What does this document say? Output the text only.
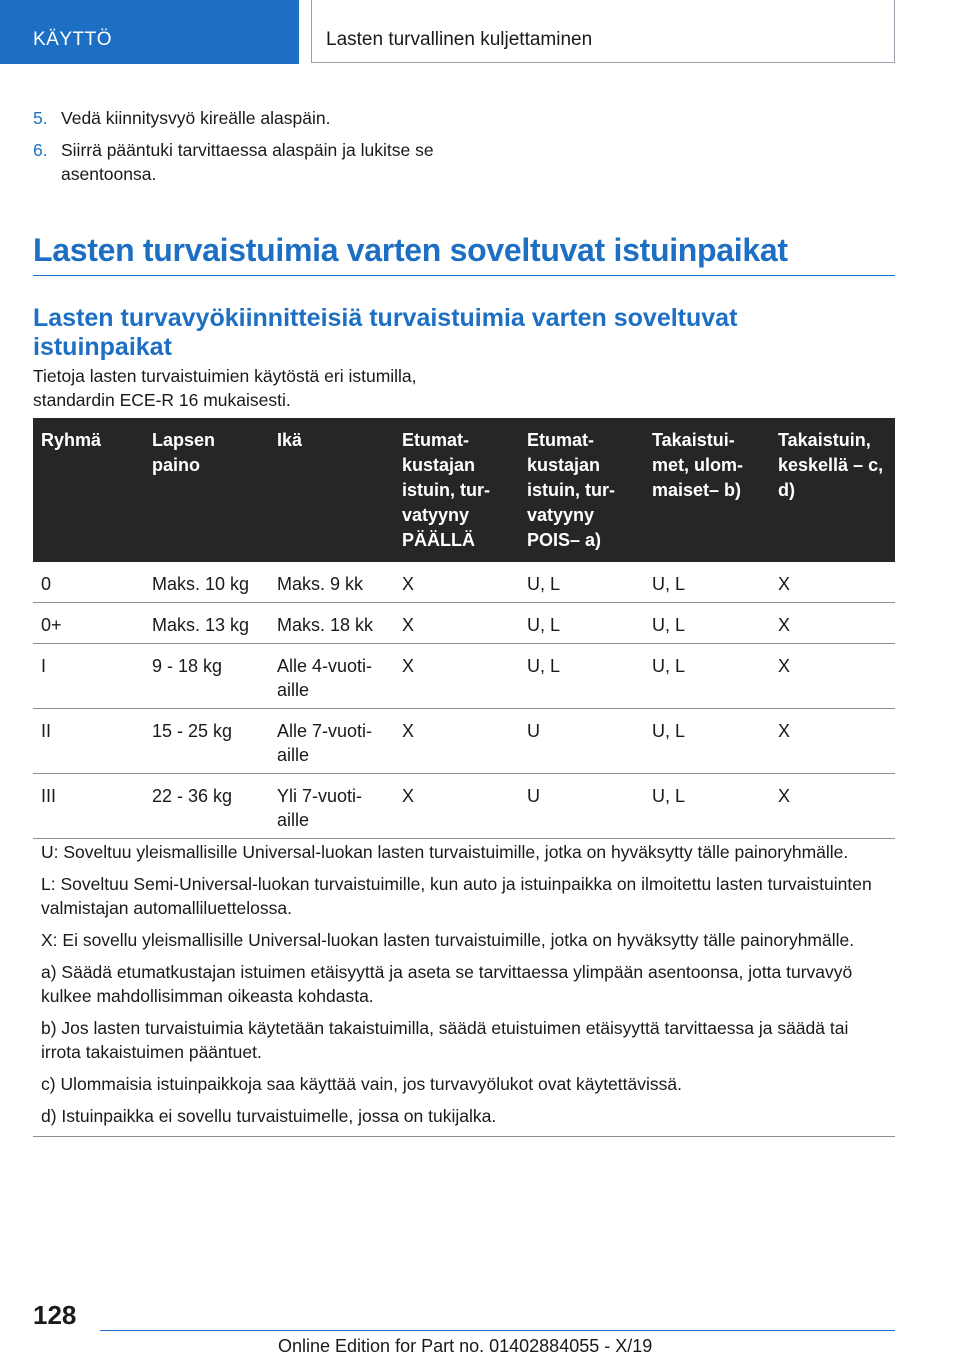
KÄYTTÖ	Lasten turvallinen kuljettaminen
5. Vedä kiinnitysvyö kireälle alaspäin.
6. Siirrä pääntuki tarvittaessa alaspäin ja lukitse se asentoonsa.
Lasten turvaistuimia varten soveltuvat istuinpaikat
Lasten turvavyökiinnitteisiä turvaistuimia varten soveltuvat istuinpaikat
Tietoja lasten turvaistuimien käytöstä eri istumilla, standardin ECE-R 16 mukaisesti.
Ryhmä	Lapsen paino	Ikä	Etumatkustajan istuin, turvatyyny PÄÄLLÄ	Etumatkustajan istuin, turvatyyny POIS– a)	Takaistuimet, ulommaiset– b)	Takaistuin, keskellä – c, d)
0	Maks. 10 kg	Maks. 9 kk	X	U, L	U, L	X
0+	Maks. 13 kg	Maks. 18 kk	X	U, L	U, L	X
I	9 - 18 kg	Alle 4-vuotiaille	X	U, L	U, L	X
II	15 - 25 kg	Alle 7-vuotiaille	X	U	U, L	X
III	22 - 36 kg	Yli 7-vuotiaille	X	U	U, L	X
U: Soveltuu yleismallisille Universal-luokan lasten turvaistuimille, jotka on hyväksytty tälle painoryhmälle.
L: Soveltuu Semi-Universal-luokan turvaistuimille, kun auto ja istuinpaikka on ilmoitettu lasten turvaistuinten valmistajan automalliluettelossa.
X: Ei sovellu yleismallisille Universal-luokan lasten turvaistuimille, jotka on hyväksytty tälle painoryhmälle.
a) Säädä etumatkustajan istuimen etäisyyttä ja aseta se tarvittaessa ylimpään asentoonsa, jotta turvavyö kulkee mahdollisimman oikeasta kohdasta.
b) Jos lasten turvaistuimia käytetään takaistuimilla, säädä etuistuimen etäisyyttä tarvittaessa ja säädä tai irrota takaistuimen pääntuet.
c) Ulommaisia istuinpaikkoja saa käyttää vain, jos turvavyölukot ovat käytettävissä.
d) Istuinpaikka ei sovellu turvaistuimelle, jossa on tukijalka.
128
Online Edition for Part no. 01402884055 - X/19
